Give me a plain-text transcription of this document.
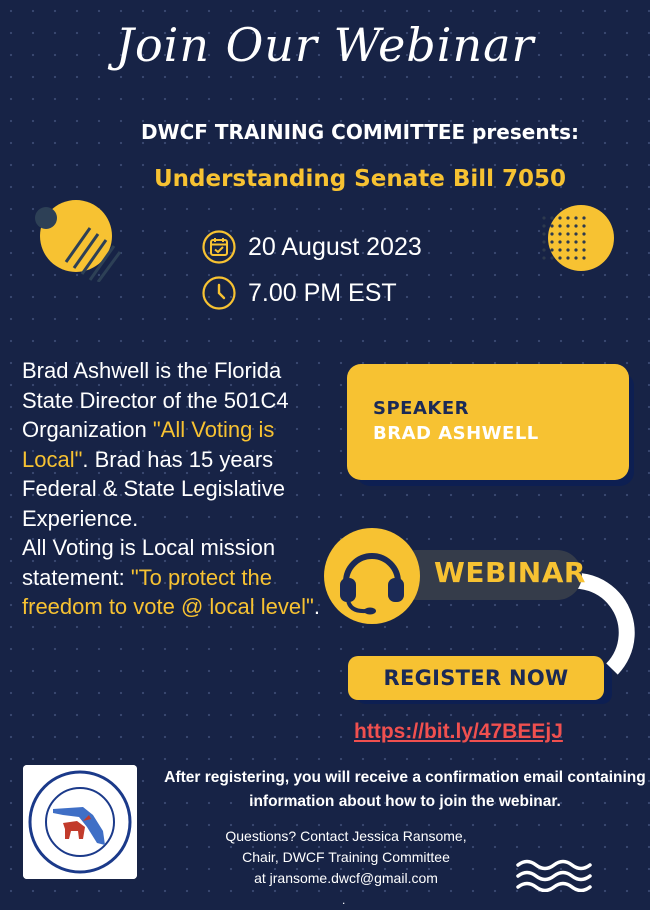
Join Our Webinar
DWCF TRAINING COMMITTEE presents:
Understanding Senate Bill 7050
20 August 2023
7.00 PM EST
Brad Ashwell is the Florida State Director of the 501C4 Organization "All Voting is Local". Brad has 15 years Federal & State Legislative Experience.
All Voting is Local mission statement: "To protect the freedom to vote @ local level".
SPEAKER
BRAD ASHWELL
WEBINAR
REGISTER NOW
https://bit.ly/47BEEjJ
After registering, you will receive a confirmation email containing information about how to join the webinar.
Questions? Contact Jessica Ransome,
Chair, DWCF Training Committee
at jransome.dwcf@gmail.com
.
